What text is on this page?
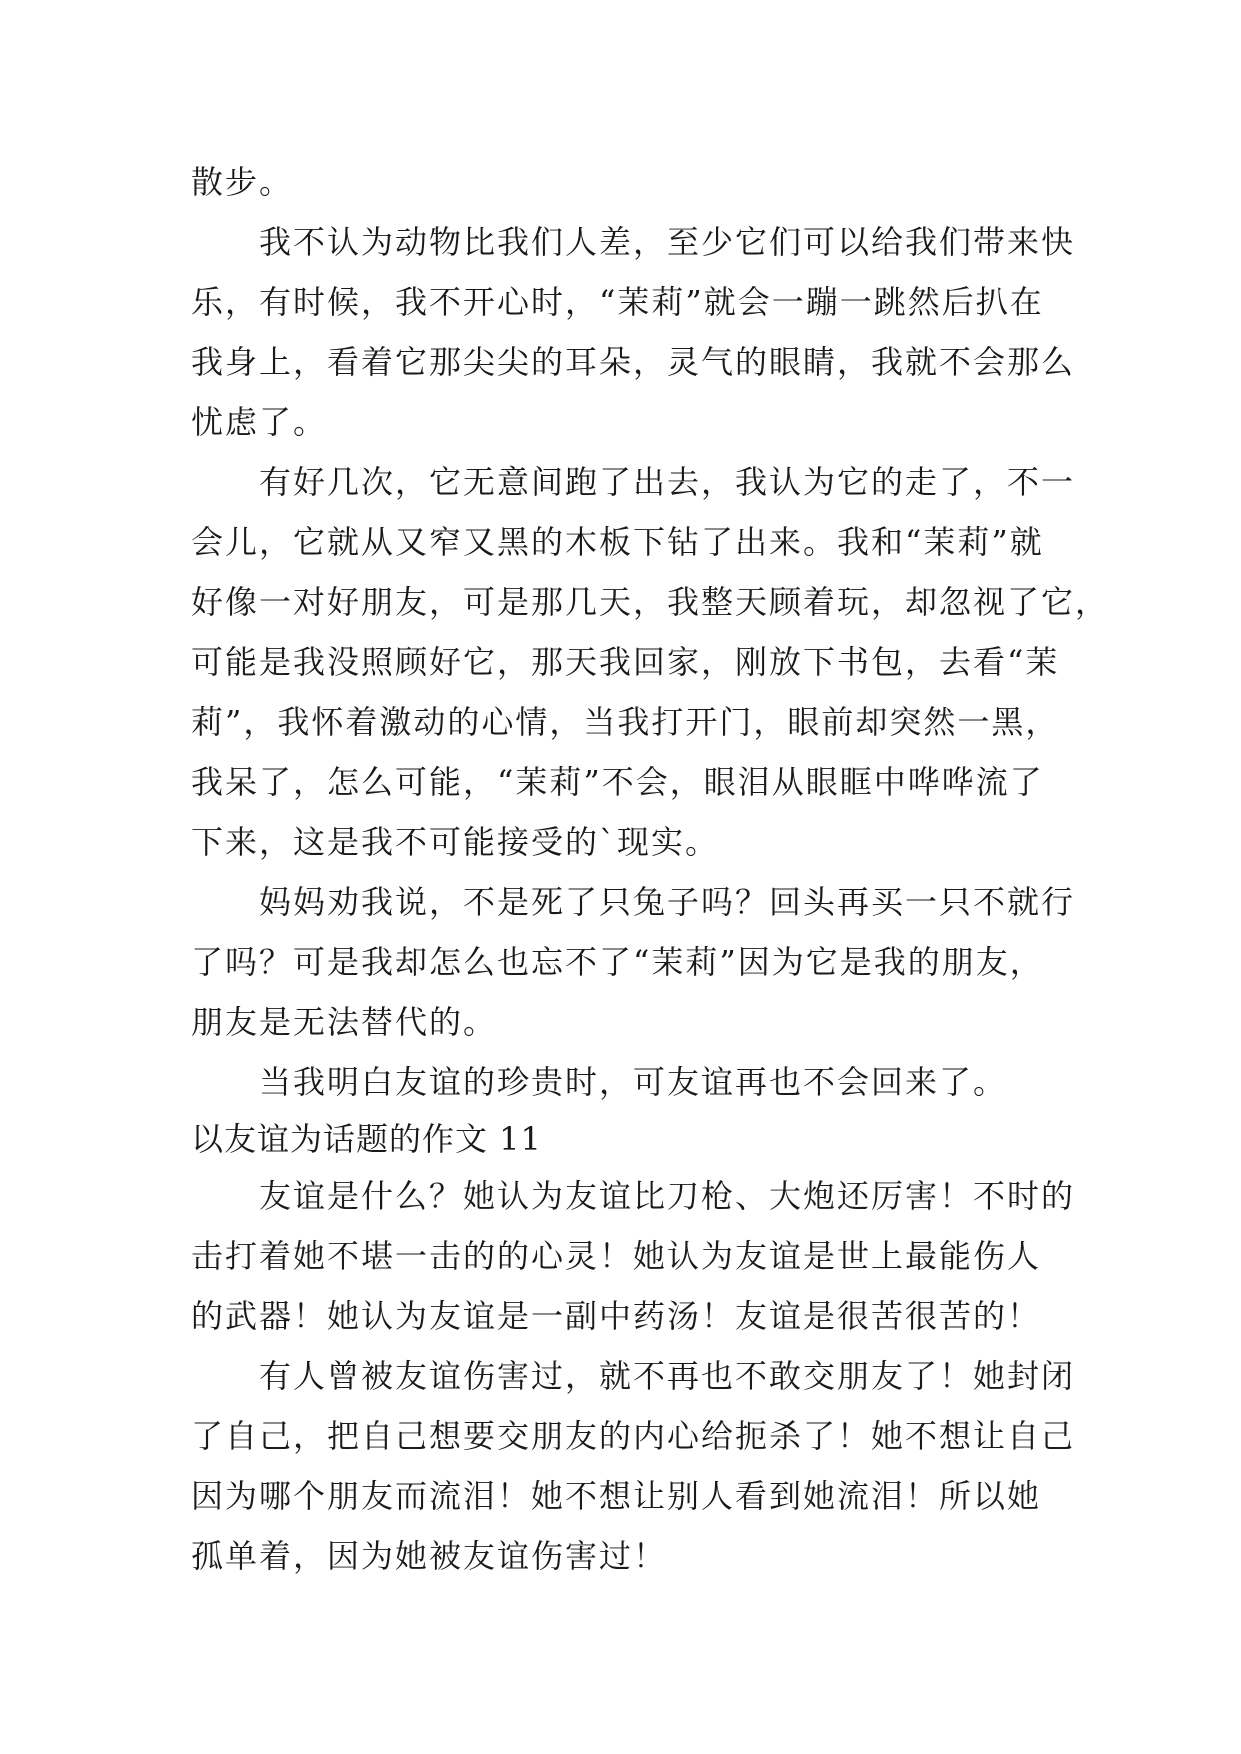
散步。
我不认为动物比我们人差，至少它们可以给我们带来快
乐，有时候，我不开心时，“茉莉”就会一蹦一跳然后扒在
我身上，看着它那尖尖的耳朵，灵气的眼睛，我就不会那么
忧虑了。
有好几次，它无意间跑了出去，我认为它的走了，不一
会儿，它就从又窄又黑的木板下钻了出来。我和“茉莉”就
好像一对好朋友，可是那几天，我整天顾着玩，却忽视了它，
可能是我没照顾好它，那天我回家，刚放下书包，去看“茉
莉”，我怀着激动的心情，当我打开门，眼前却突然一黑，
我呆了，怎么可能，“茉莉”不会，眼泪从眼眶中哗哗流了
下来，这是我不可能接受的`现实。
妈妈劝我说，不是死了只兔子吗？回头再买一只不就行
了吗？可是我却怎么也忘不了“茉莉”因为它是我的朋友，
朋友是无法替代的。
当我明白友谊的珍贵时，可友谊再也不会回来了。
以友谊为话题的作文 11
友谊是什么？她认为友谊比刀枪、大炮还厉害！不时的
击打着她不堪一击的的心灵！她认为友谊是世上最能伤人
的武器！她认为友谊是一副中药汤！友谊是很苦很苦的！
有人曾被友谊伤害过，就不再也不敢交朋友了！她封闭
了自己，把自己想要交朋友的内心给扼杀了！她不想让自己
因为哪个朋友而流泪！她不想让别人看到她流泪！所以她
孤单着，因为她被友谊伤害过！
